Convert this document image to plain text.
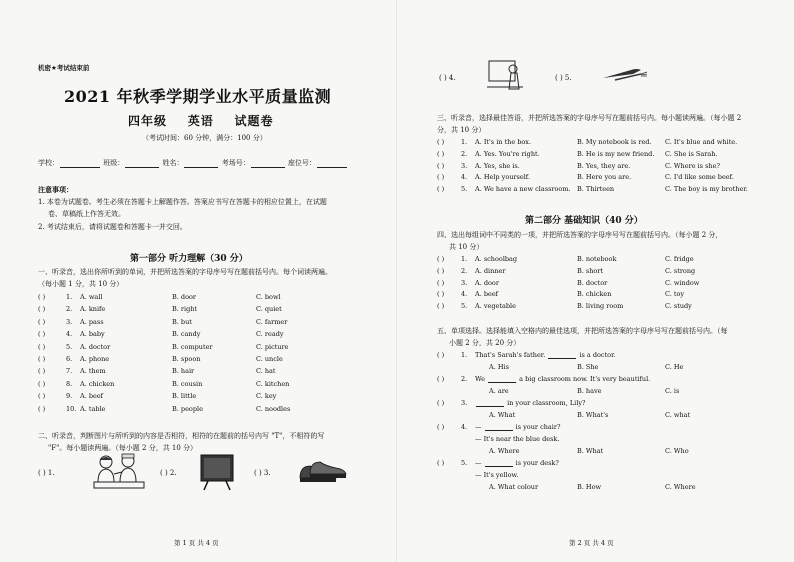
机密★考试结束前
2021 年秋季学期学业水平质量监测
四年级 英语 试题卷
（考试时间：60 分钟，满分：100 分）
学校：	班级：	姓名：	考场号：	座位号：
注意事项：
1. 本卷为试题卷。考生必须在答题卡上解题作答。答案应书写在答题卡的相应位置上，在试题
卷、草稿纸上作答无效。
2. 考试结束后，请将试题卷和答题卡一并交回。
第一部分 听力理解（30 分）
一、听录音，选出你所听到的单词，并把所选答案的字母序号写在题前括号内。每个词读两遍。
（每小题 1 分，共 10 分）
( )	1. A. wall	B. door	C. bowl
( )	2. A. knife	B. right	C. quiet
( )	3. A. pass	B. but	C. farmer
( )	4. A. baby	B. candy	C. ready
( )	5. A. doctor	B. computer	C. picture
( )	6. A. phone	B. spoon	C. uncle
( )	7. A. them	B. hair	C. hat
( )	8. A. chicken	B. cousin	C. kitchen
( )	9. A. beef	B. little	C. key
( )	10. A. table	B. people	C. noodles
二、听录音，判断图片与所听到的内容是否相符，相符的在题前的括号内写 "T"，不相符的写
"F"。每小题读两遍。（每小题 2 分，共 10 分）
( ) 1.	( ) 2.	( ) 3.
第 1 页 共 4 页
( ) 4.	( ) 5.
三、听录音，选择最佳答语，并把所选答案的字母序号写在题前括号内。每小题读两遍。（每小题 2
分，共 10 分）
( )	1. A. It's in the box.	B. My notebook is red. C. It's blue and white.
( )	2. A. Yes. You're right.	B. He is my new friend. C. She is Sarah.
( )	3. A. Yes, she is.	B. Yes, they are.	C. Where is she?
( )	4. A. Help yourself.	B. Here you are.	C. I'd like some beef.
( )	5. A. We have a new classroom. B. Thirteen	C. The boy is my brother.
第二部分 基础知识（40 分）
四、选出每组词中不同类的一项，并把所选答案的字母序号写在题前括号内。（每小题 2 分，
共 10 分）
( )	1. A. schoolbag	B. notebook	C. fridge
( )	2. A. dinner	B. short	C. strong
( )	3. A. door	B. doctor	C. window
( )	4. A. beef	B. chicken	C. toy
( )	5. A. vegetable	B. living room	C. study
五、单项选择。选择能填入空格内的最佳选项，并把所选答案的字母序号写在题前括号内。（每
小题 2 分，共 20 分）
( )	1. That's Sarah's father.	is a doctor.
A. His	B. She	C. He
( )	2. We	a big classroom now. It's very beautiful.
A. are	B. have	C. is
( )	3.	in your classroom, Lily?
A. What	B. What's	C. what
( )	4. —	is your chair?
— It's near the blue desk.
A. Where	B. What	C. Who
( )	5. —	is your desk?
— It's yellow.
A. What colour	B. How	C. Where
第 2 页 共 4 页
